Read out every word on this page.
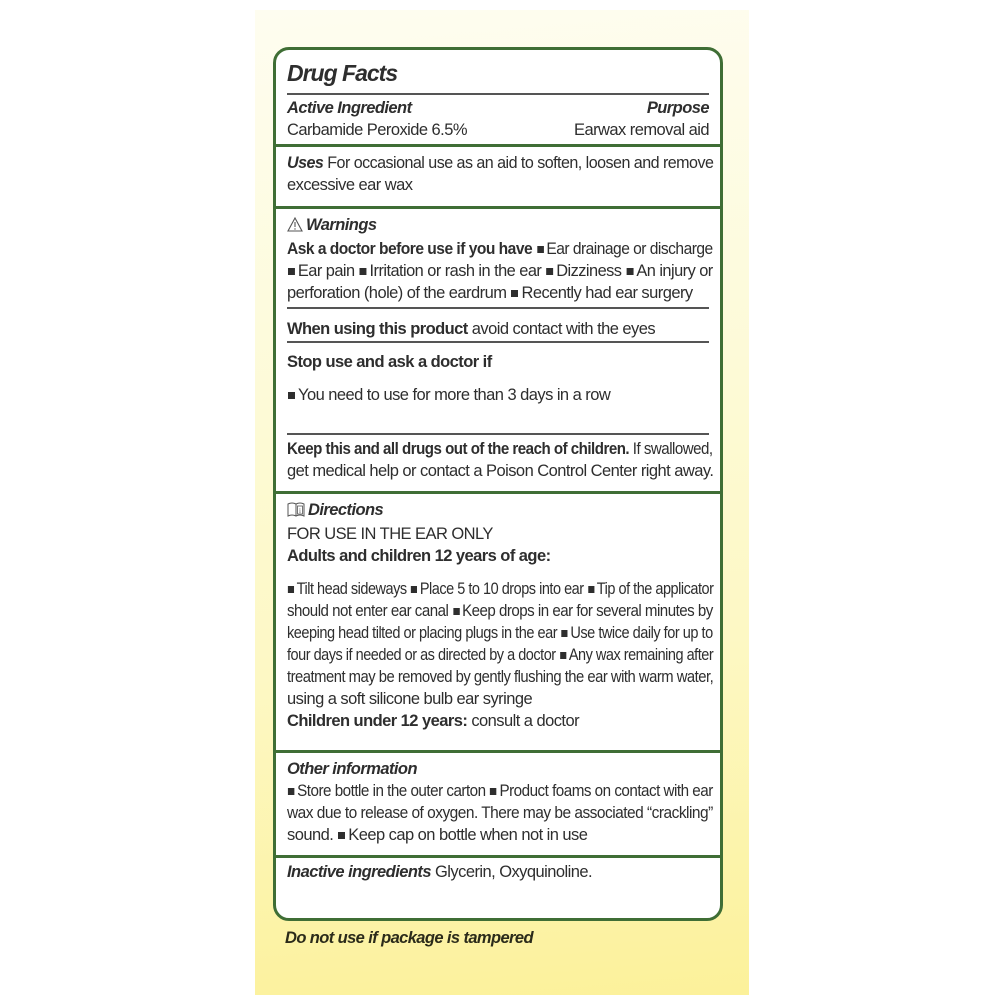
Drug Facts
Active Ingredient	Purpose
Carbamide Peroxide 6.5%	Earwax removal aid
Uses For occasional use as an aid to soften, loosen and remove
excessive ear wax
Warnings
Ask a doctor before use if you have Ear drainage or discharge
Ear pain Irritation or rash in the ear Dizziness An injury or
perforation (hole) of the eardrum Recently had ear surgery
When using this product avoid contact with the eyes
Stop use and ask a doctor if
You need to use for more than 3 days in a row
Keep this and all drugs out of the reach of children. If swallowed,
get medical help or contact a Poison Control Center right away.
i Directions
FOR USE IN THE EAR ONLY
Adults and children 12 years of age:
Tilt head sideways Place 5 to 10 drops into ear Tip of the applicator
should not enter ear canal Keep drops in ear for several minutes by
keeping head tilted or placing plugs in the ear Use twice daily for up to
four days if needed or as directed by a doctor Any wax remaining after
treatment may be removed by gently flushing the ear with warm water,
using a soft silicone bulb ear syringe
Children under 12 years: consult a doctor
Other information
Store bottle in the outer carton Product foams on contact with ear
wax due to release of oxygen. There may be associated “crackling”
sound. Keep cap on bottle when not in use
Inactive ingredients Glycerin, Oxyquinoline.
Do not use if package is tampered
